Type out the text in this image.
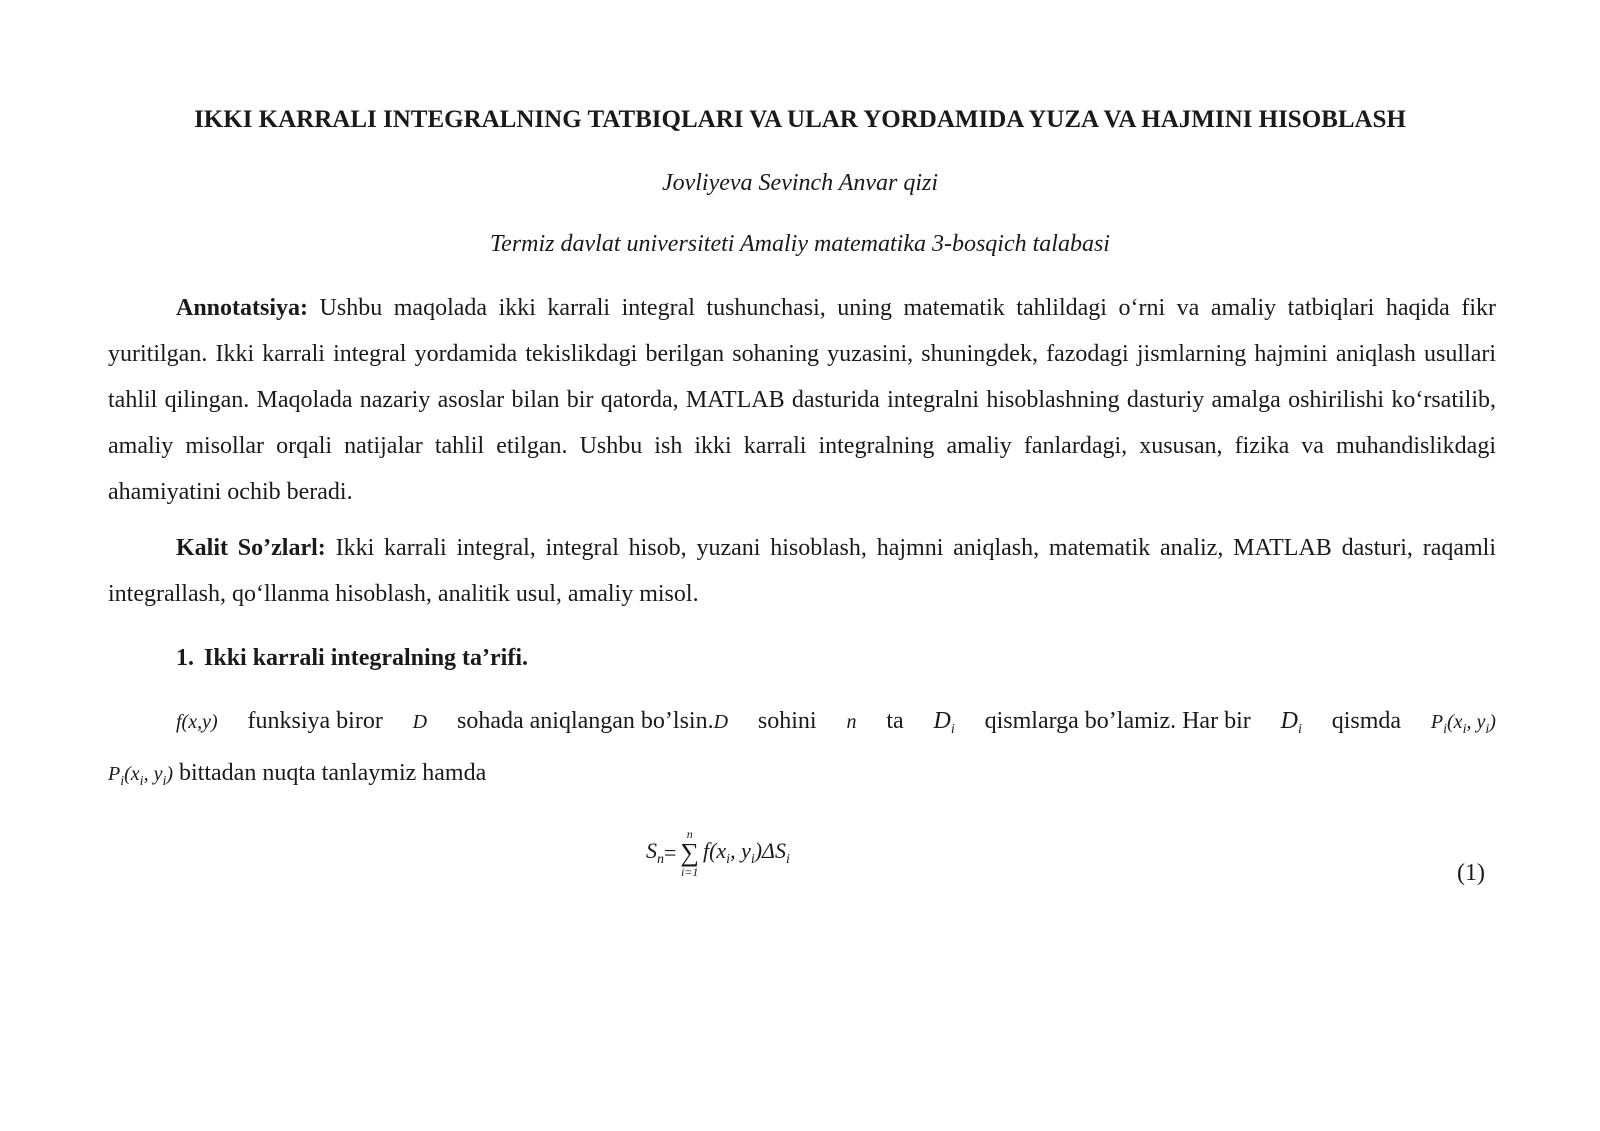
IKKI KARRALI INTEGRALNING TATBIQLARI VA ULAR YORDAMIDA YUZA VA HAJMINI HISOBLASH
Jovliyeva Sevinch Anvar qizi
Termiz davlat universiteti Amaliy matematika 3-bosqich talabasi

Annotatsiya: Ushbu maqolada ikki karrali integral tushunchasi, uning matematik tahlildagi o‘rni va amaliy tatbiqlari haqida fikr yuritilgan. Ikki karrali integral yordamida tekislikdagi berilgan sohaning yuzasini, shuningdek, fazodagi jismlarning hajmini aniqlash usullari tahlil qilingan. Maqolada nazariy asoslar bilan bir qatorda, MATLAB dasturida integralni hisoblashning dasturiy amalga oshirilishi ko‘rsatilib, amaliy misollar orqali natijalar tahlil etilgan. Ushbu ish ikki karrali integralning amaliy fanlardagi, xususan, fizika va muhandislikdagi ahamiyatini ochib beradi.

Kalit So’zlarl: Ikki karrali integral, integral hisob, yuzani hisoblash, hajmni aniqlash, matematik analiz, MATLAB dasturi, raqamli integrallash, qo‘llanma hisoblash, analitik usul, amaliy misol.

1. Ikki karrali integralning ta’rifi.
f(x,y) funksiya biror D sohada aniqlangan bo’lsin.D sohini n ta $D_i$ qismlarga bo’lamiz. Har bir $D_i$ qismda $P_i(x_i$, $y_i$)
$P_i(x_i$, $y_i$) bittadan nuqta tanlaymiz hamda
$S_n$ =
n
∑
i=1
$f(x_i$, $y_i)\Delta S_i$
(1)
